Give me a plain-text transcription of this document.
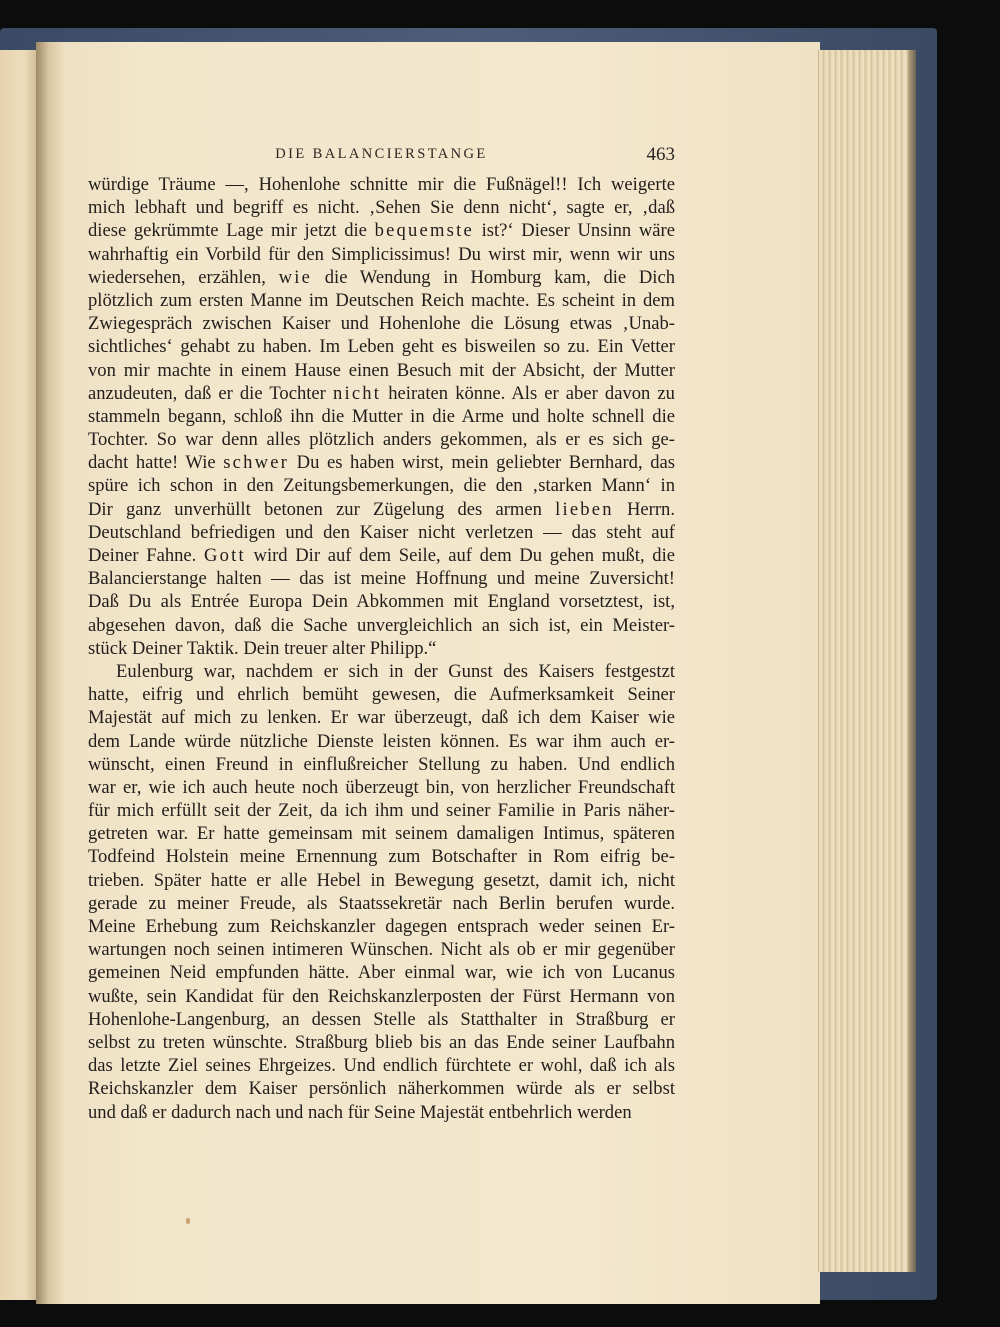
DIE BALANCIERSTANGE	463
würdige Träume —, Hohenlohe schnitte mir die Fußnägel!! Ich weigerte
mich lebhaft und begriff es nicht. ‚Sehen Sie denn nicht‘, sagte er, ‚daß
diese gekrümmte Lage mir jetzt die bequemste ist?‘ Dieser Unsinn wäre
wahrhaftig ein Vorbild für den Simplicissimus! Du wirst mir, wenn wir uns
wiedersehen, erzählen, wie die Wendung in Homburg kam, die Dich
plötzlich zum ersten Manne im Deutschen Reich machte. Es scheint in dem
Zwiegespräch zwischen Kaiser und Hohenlohe die Lösung etwas ‚Unab-
sichtliches‘ gehabt zu haben. Im Leben geht es bisweilen so zu. Ein Vetter
von mir machte in einem Hause einen Besuch mit der Absicht, der Mutter
anzudeuten, daß er die Tochter nicht heiraten könne. Als er aber davon zu
stammeln begann, schloß ihn die Mutter in die Arme und holte schnell die
Tochter. So war denn alles plötzlich anders gekommen, als er es sich ge-
dacht hatte! Wie schwer Du es haben wirst, mein geliebter Bernhard, das
spüre ich schon in den Zeitungsbemerkungen, die den ‚starken Mann‘ in
Dir ganz unverhüllt betonen zur Zügelung des armen lieben Herrn.
Deutschland befriedigen und den Kaiser nicht verletzen — das steht auf
Deiner Fahne. Gott wird Dir auf dem Seile, auf dem Du gehen mußt, die
Balancierstange halten — das ist meine Hoffnung und meine Zuversicht!
Daß Du als Entrée Europa Dein Abkommen mit England vorsetztest, ist,
abgesehen davon, daß die Sache unvergleichlich an sich ist, ein Meister-
stück Deiner Taktik. Dein treuer alter Philipp.“
Eulenburg war, nachdem er sich in der Gunst des Kaisers festgestzt
hatte, eifrig und ehrlich bemüht gewesen, die Aufmerksamkeit Seiner
Majestät auf mich zu lenken. Er war überzeugt, daß ich dem Kaiser wie
dem Lande würde nützliche Dienste leisten können. Es war ihm auch er-
wünscht, einen Freund in einflußreicher Stellung zu haben. Und endlich
war er, wie ich auch heute noch überzeugt bin, von herzlicher Freundschaft
für mich erfüllt seit der Zeit, da ich ihm und seiner Familie in Paris näher-
getreten war. Er hatte gemeinsam mit seinem damaligen Intimus, späteren
Todfeind Holstein meine Ernennung zum Botschafter in Rom eifrig be-
trieben. Später hatte er alle Hebel in Bewegung gesetzt, damit ich, nicht
gerade zu meiner Freude, als Staatssekretär nach Berlin berufen wurde.
Meine Erhebung zum Reichskanzler dagegen entsprach weder seinen Er-
wartungen noch seinen intimeren Wünschen. Nicht als ob er mir gegenüber
gemeinen Neid empfunden hätte. Aber einmal war, wie ich von Lucanus
wußte, sein Kandidat für den Reichskanzlerposten der Fürst Hermann von
Hohenlohe-Langenburg, an dessen Stelle als Statthalter in Straßburg er
selbst zu treten wünschte. Straßburg blieb bis an das Ende seiner Laufbahn
das letzte Ziel seines Ehrgeizes. Und endlich fürchtete er wohl, daß ich als
Reichskanzler dem Kaiser persönlich näherkommen würde als er selbst
und daß er dadurch nach und nach für Seine Majestät entbehrlich werden
